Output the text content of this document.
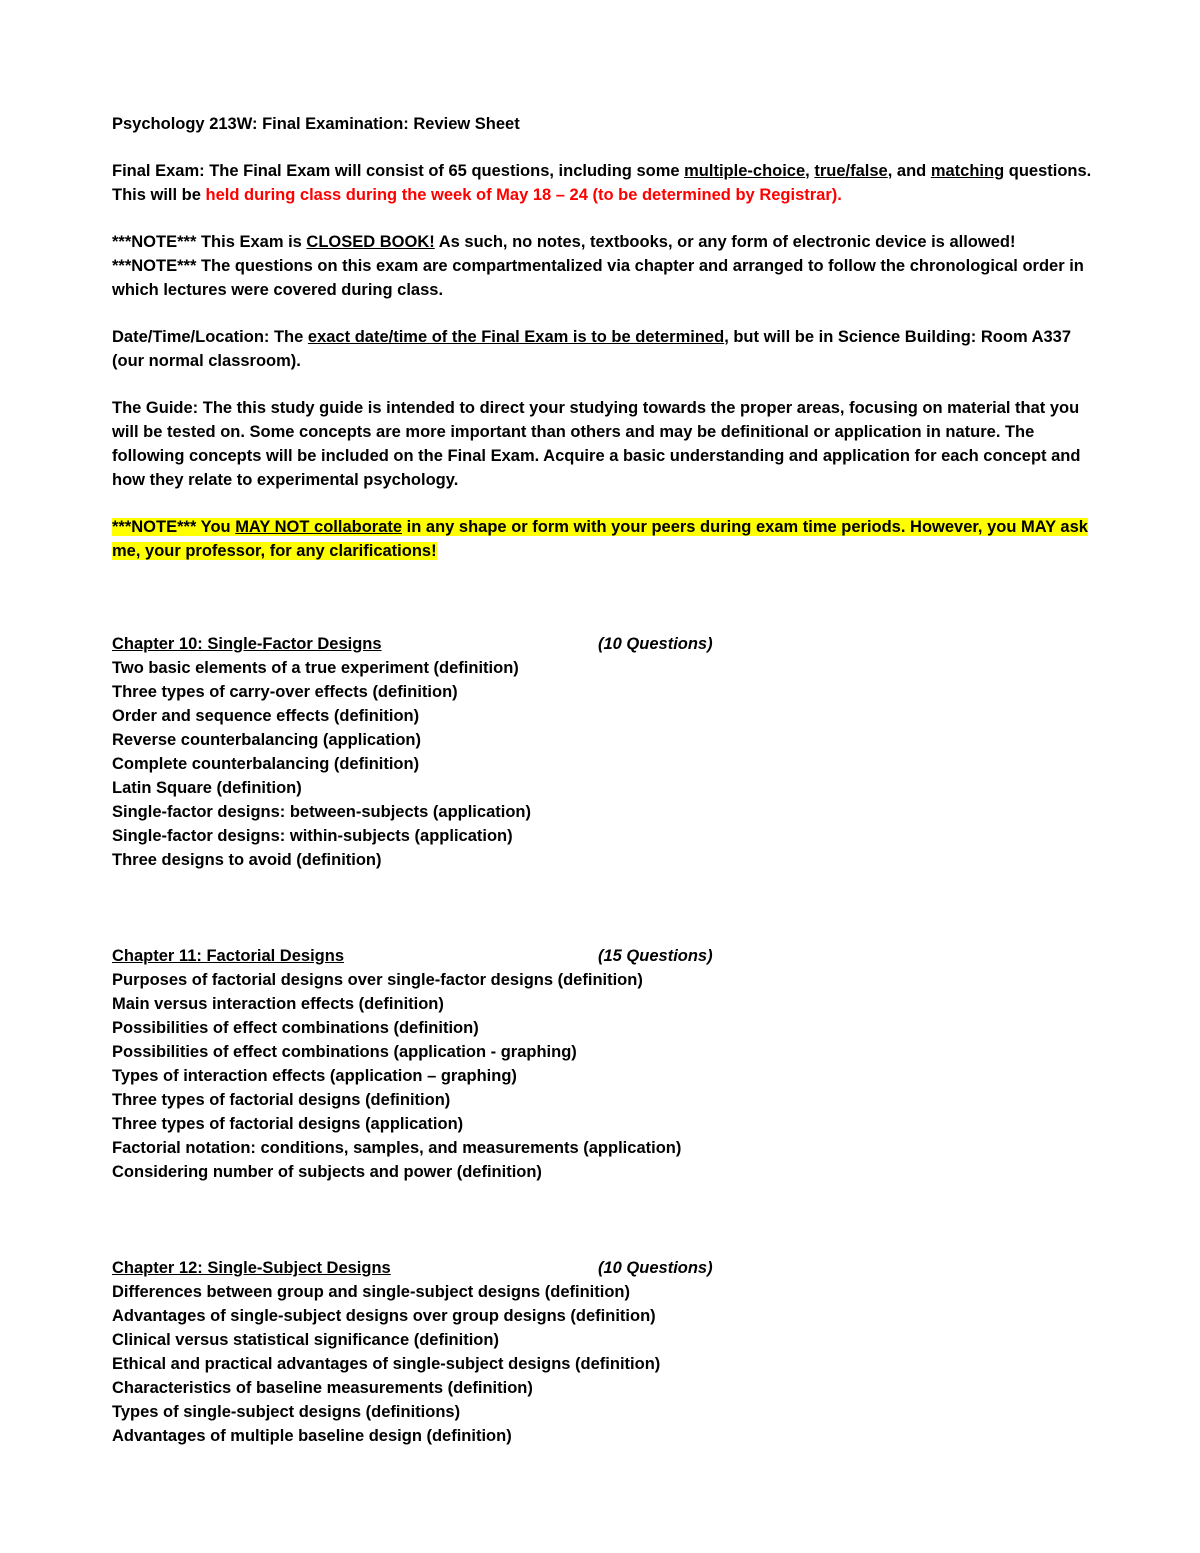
Psychology 213W: Final Examination: Review Sheet
Final Exam: The Final Exam will consist of 65 questions, including some multiple-choice, true/false, and matching questions. This will be held during class during the week of May 18 – 24 (to be determined by Registrar).
***NOTE*** This Exam is CLOSED BOOK! As such, no notes, textbooks, or any form of electronic device is allowed!
***NOTE*** The questions on this exam are compartmentalized via chapter and arranged to follow the chronological order in which lectures were covered during class.
Date/Time/Location: The exact date/time of the Final Exam is to be determined, but will be in Science Building: Room A337 (our normal classroom).
The Guide: The this study guide is intended to direct your studying towards the proper areas, focusing on material that you will be tested on. Some concepts are more important than others and may be definitional or application in nature. The following concepts will be included on the Final Exam. Acquire a basic understanding and application for each concept and how they relate to experimental psychology.
***NOTE*** You MAY NOT collaborate in any shape or form with your peers during exam time periods. However, you MAY ask me, your professor, for any clarifications!
Chapter 10: Single-Factor Designs	(10 Questions)
Two basic elements of a true experiment (definition)
Three types of carry-over effects (definition)
Order and sequence effects (definition)
Reverse counterbalancing (application)
Complete counterbalancing (definition)
Latin Square (definition)
Single-factor designs: between-subjects (application)
Single-factor designs: within-subjects (application)
Three designs to avoid (definition)
Chapter 11: Factorial Designs	(15 Questions)
Purposes of factorial designs over single-factor designs (definition)
Main versus interaction effects (definition)
Possibilities of effect combinations (definition)
Possibilities of effect combinations (application - graphing)
Types of interaction effects (application – graphing)
Three types of factorial designs (definition)
Three types of factorial designs (application)
Factorial notation: conditions, samples, and measurements (application)
Considering number of subjects and power (definition)
Chapter 12: Single-Subject Designs	(10 Questions)
Differences between group and single-subject designs (definition)
Advantages of single-subject designs over group designs (definition)
Clinical versus statistical significance (definition)
Ethical and practical advantages of single-subject designs (definition)
Characteristics of baseline measurements (definition)
Types of single-subject designs (definitions)
Advantages of multiple baseline design (definition)
